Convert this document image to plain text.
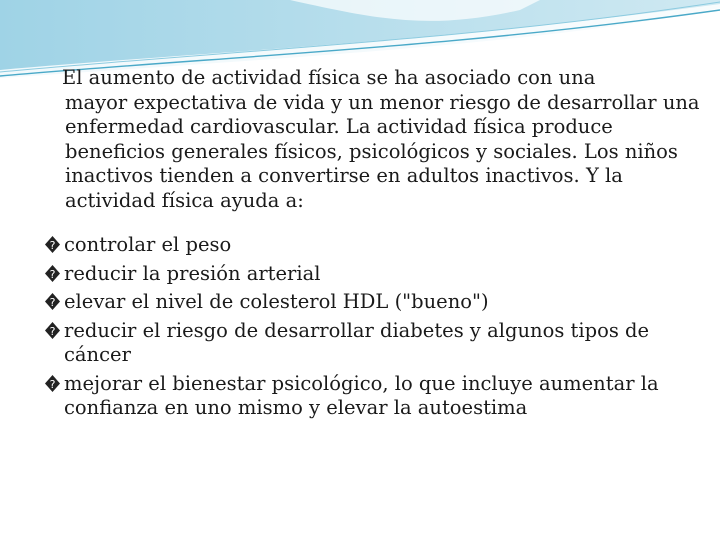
El aumento de actividad física se ha asociado con una
mayor expectativa de vida y un menor riesgo de desarrollar una enfermedad cardiovascular. La actividad física produce beneficios generales físicos, psicológicos y sociales. Los niños inactivos tienden a convertirse en adultos inactivos. Y la actividad física ayuda a:

? controlar el peso
? reducir la presión arterial
? elevar el nivel de colesterol HDL ("bueno")
? reducir el riesgo de desarrollar diabetes y algunos tipos de cáncer
? mejorar el bienestar psicológico, lo que incluye aumentar la confianza en uno mismo y elevar la autoestima
